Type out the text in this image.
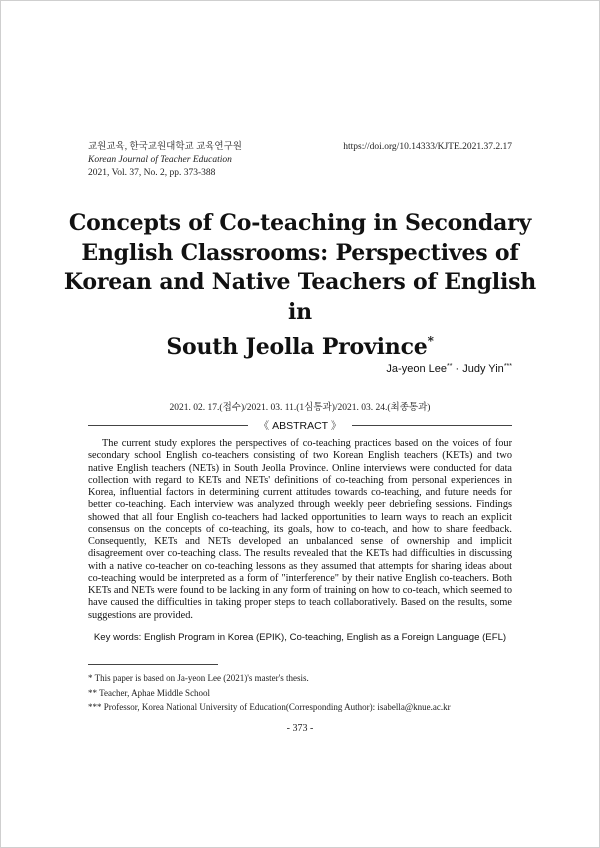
교원교육, 한국교원대학교 교육연구원
Korean Journal of Teacher Education
2021, Vol. 37, No. 2, pp. 373-388
https://doi.org/10.14333/KJTE.2021.37.2.17
Concepts of Co-teaching in Secondary
English Classrooms: Perspectives of
Korean and Native Teachers of English in
South Jeolla Province*
Ja-yeon Lee** · Judy Yin***
2021. 02. 17.(접수)/2021. 03. 11.(1심통과)/2021. 03. 24.(최종통과)
《 ABSTRACT 》
The current study explores the perspectives of co-teaching practices based on the voices of four secondary school English co-teachers consisting of two Korean English teachers (KETs) and two native English teachers (NETs) in South Jeolla Province. Online interviews were conducted for data collection with regard to KETs and NETs' definitions of co-teaching from personal experiences in Korea, influential factors in determining current attitudes towards co-teaching, and future needs for better co-teaching. Each interview was analyzed through weekly peer debriefing sessions. Findings showed that all four English co-teachers had lacked opportunities to learn ways to reach an explicit consensus on the concepts of co-teaching, its goals, how to co-teach, and how to share feedback. Consequently, KETs and NETs developed an unbalanced sense of ownership and implicit disagreement over co-teaching class. The results revealed that the KETs had difficulties in discussing with a native co-teacher on co-teaching lessons as they assumed that attempts for sharing ideas about co-teaching would be interpreted as a form of "interference" by their native English co-teachers. Both KETs and NETs were found to be lacking in any form of training on how to co-teach, which seemed to have caused the difficulties in taking proper steps to teach collaboratively. Based on the results, some suggestions are provided.
Key words: English Program in Korea (EPIK), Co-teaching, English as a Foreign Language (EFL)
* This paper is based on Ja-yeon Lee (2021)'s master's thesis.
** Teacher, Aphae Middle School
*** Professor, Korea National University of Education(Corresponding Author): isabella@knue.ac.kr
- 373 -
